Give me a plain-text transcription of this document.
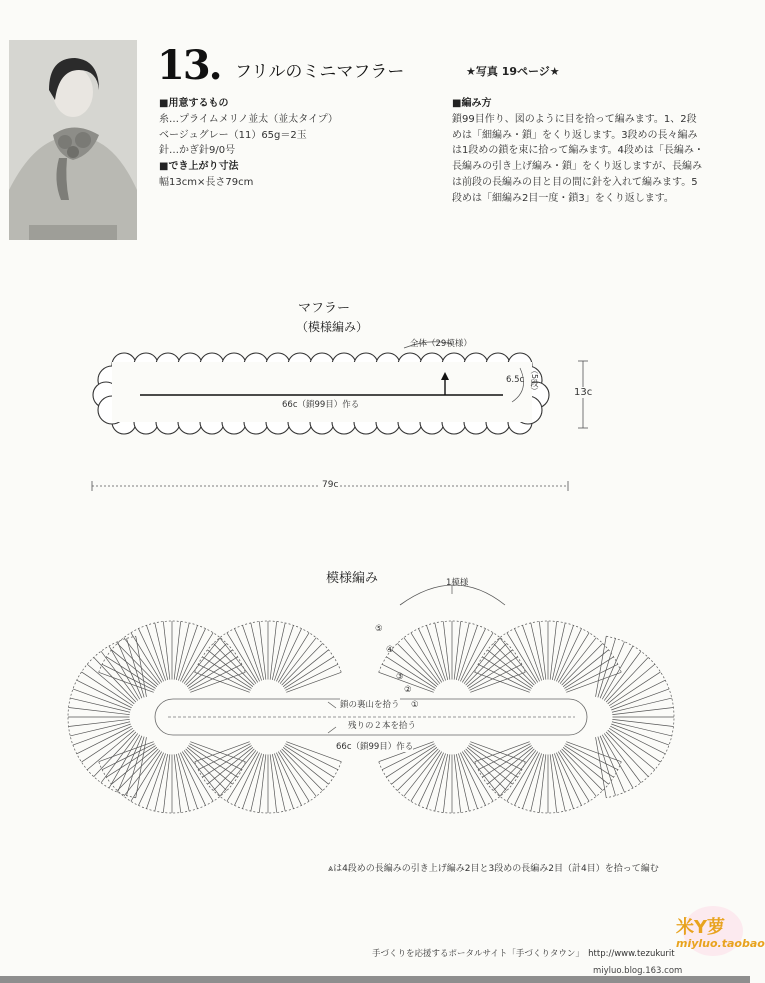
13. フリルのミニマフラー	★写真 19ページ★
■用意するもの
糸…プライムメリノ並太（並太タイプ）
ベージュグレー（11）65g＝2玉
針…かぎ針9/0号
■でき上がり寸法
幅13cm×長さ79cm
■編み方
鎖99目作り、図のように目を拾って編みます。1、2段
めは「細編み・鎖」をくり返します。3段めの長々編み
は1段めの鎖を束に拾って編みます。4段めは「長編み・
長編みの引き上げ編み・鎖」をくり返しますが、長編み
は前段の長編みの目と目の間に針を入れて編みます。5
段めは「細編み2目一度・鎖3」をくり返します。
マフラー
（模様編み）
全体（29模様）
6.5c （5段）	13c
66c（鎖99目）作る
79c
模様編み	1模様
⑤
④
③
②
①
鎖の裏山を拾う
残りの２本を拾う
66c（鎖99目）作る
⩓は4段めの長編みの引き上げ編み2目と3段めの長編み2目（計4目）を拾って編む
手づくりを応援するポータルサイト「手づくりタウン」　http://www.tezukurit
米Y萝
miyluo.taobao
miyluo.blog.163.com
